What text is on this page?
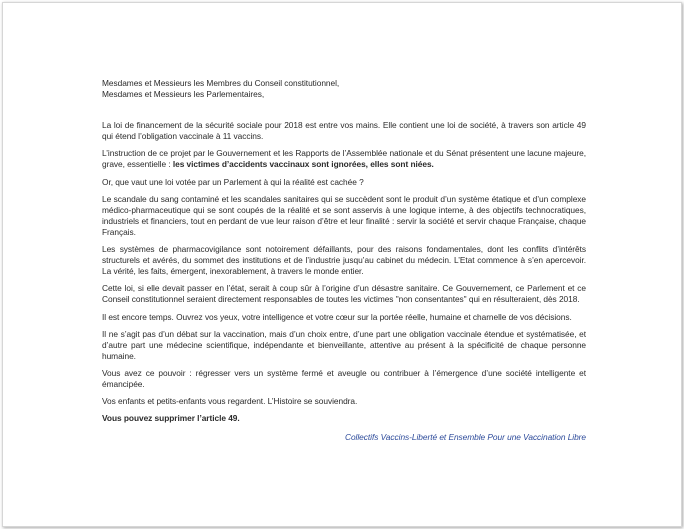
Mesdames et Messieurs les Membres du Conseil constitutionnel,

Mesdames et Messieurs les Parlementaires,

La loi de financement de la sécurité sociale pour 2018 est entre vos mains. Elle contient une loi de société, à travers son article 49 qui étend l’obligation vaccinale à 11 vaccins.

L’instruction de ce projet par le Gouvernement et les Rapports de l’Assemblée nationale et du Sénat présentent une lacune majeure, grave, essentielle : les victimes d’accidents vaccinaux sont ignorées, elles sont niées.

Or, que vaut une loi votée par un Parlement à qui la réalité est cachée ?

Le scandale du sang contaminé et les scandales sanitaires qui se succèdent sont le produit d’un système étatique et d’un complexe médico-pharmaceutique qui se sont coupés de la réalité et se sont asservis à une logique interne, à des objectifs technocratiques, industriels et financiers, tout en perdant de vue leur raison d’être et leur finalité : servir la société et servir chaque Française, chaque Français.

Les systèmes de pharmacovigilance sont notoirement défaillants, pour des raisons fondamentales, dont les conflits d’intérêts structurels et avérés, du sommet des institutions et de l’industrie jusqu’au cabinet du médecin. L’Etat commence à s’en apercevoir. La vérité, les faits, émergent, inexorablement, à travers le monde entier.

Cette loi, si elle devait passer en l’état, serait à coup sûr à l’origine d’un désastre sanitaire. Ce Gouvernement, ce Parlement et ce Conseil constitutionnel seraient directement responsables de toutes les victimes "non consentantes" qui en résulteraient, dès 2018.

Il est encore temps. Ouvrez vos yeux, votre intelligence et votre cœur sur la portée réelle, humaine et charnelle de vos décisions.

Il ne s’agit pas d’un débat sur la vaccination, mais d’un choix entre, d’une part une obligation vaccinale étendue et systématisée, et d’autre part une médecine scientifique, indépendante et bienveillante, attentive au présent à la spécificité de chaque personne humaine.

Vous avez ce pouvoir : régresser vers un système fermé et aveugle ou contribuer à l’émergence d’une société intelligente et émancipée.

Vos enfants et petits-enfants vous regardent. L’Histoire se souviendra.

Vous pouvez supprimer l’article 49.

Collectifs Vaccins-Liberté et Ensemble Pour une Vaccination Libre
